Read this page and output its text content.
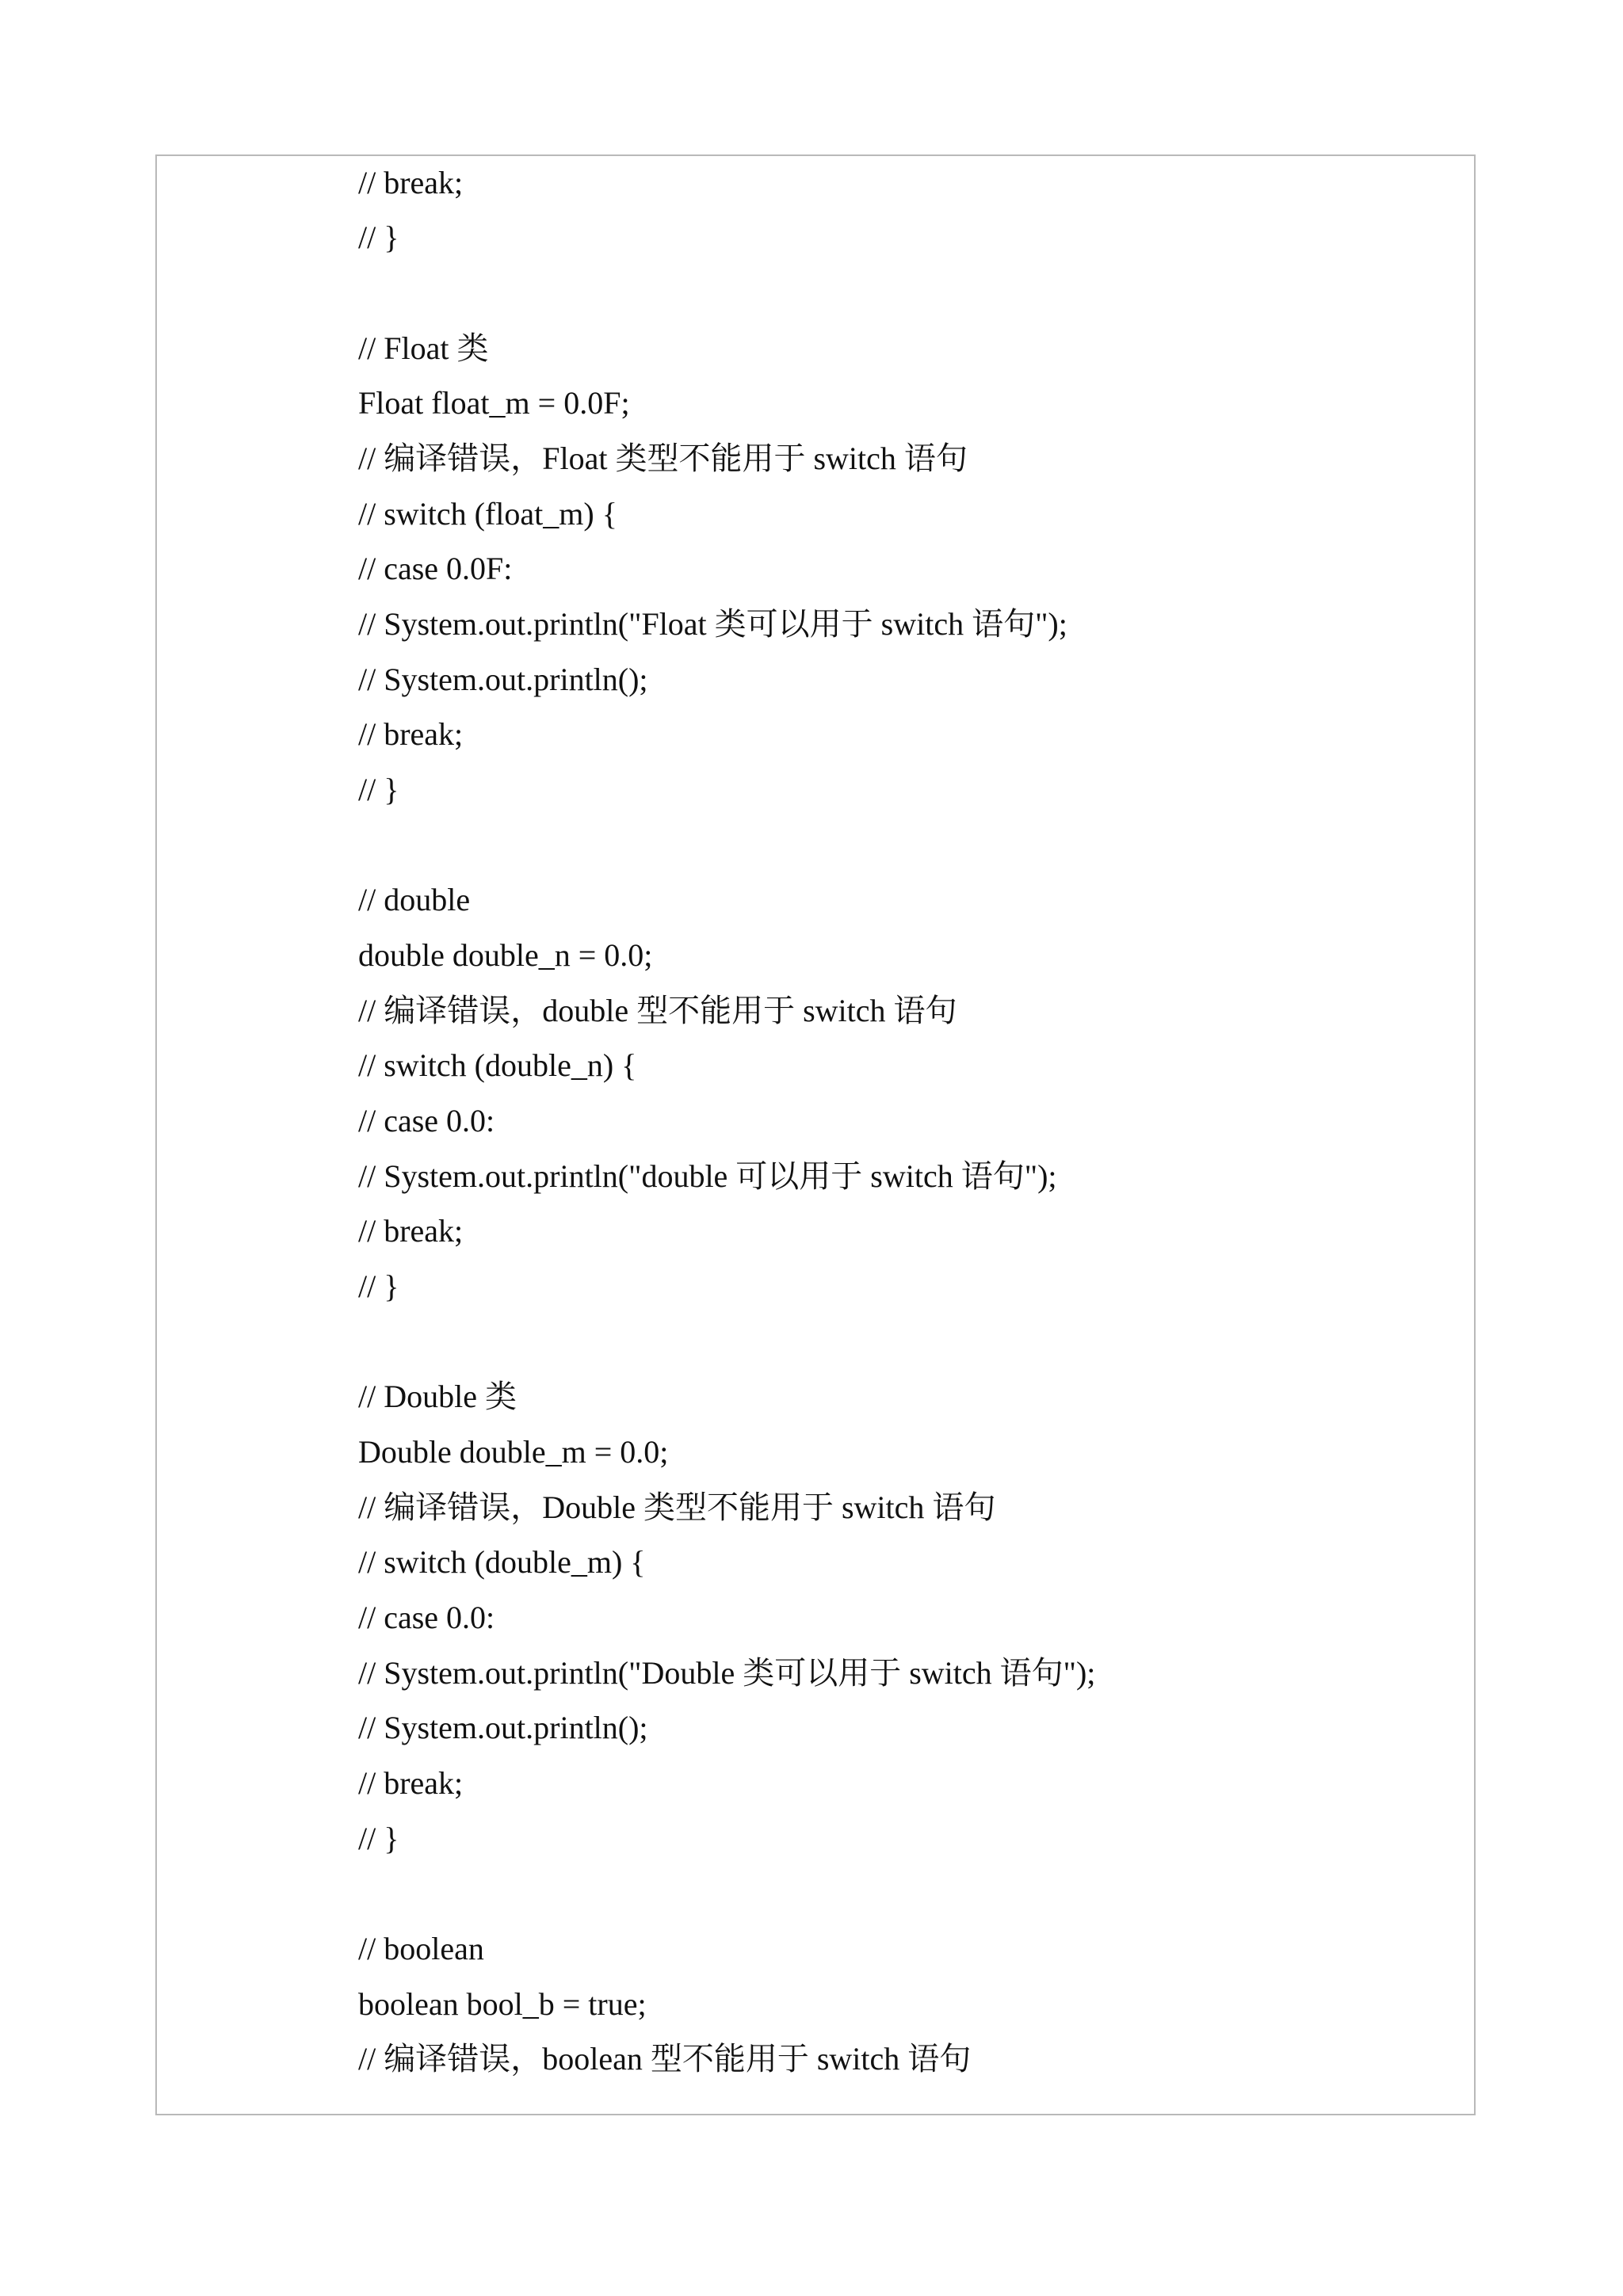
// break;
// }
// Float 类
Float float_m = 0.0F;
// 编译错误，Float 类型不能用于 switch 语句
// switch (float_m) {
// case 0.0F:
// System.out.println("Float 类可以用于 switch 语句");
// System.out.println();
// break;
// }
// double
double double_n = 0.0;
// 编译错误，double 型不能用于 switch 语句
// switch (double_n) {
// case 0.0:
// System.out.println("double 可以用于 switch 语句");
// break;
// }
// Double 类
Double double_m = 0.0;
// 编译错误，Double 类型不能用于 switch 语句
// switch (double_m) {
// case 0.0:
// System.out.println("Double 类可以用于 switch 语句");
// System.out.println();
// break;
// }
// boolean
boolean bool_b = true;
// 编译错误，boolean 型不能用于 switch 语句
